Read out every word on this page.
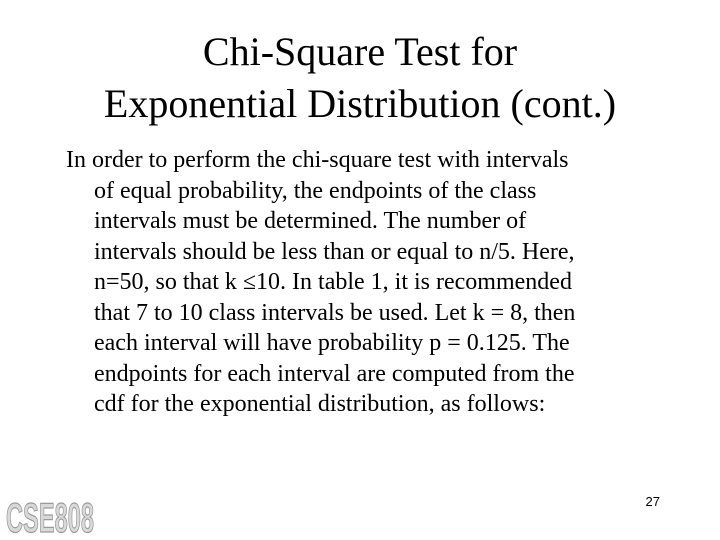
Chi-Square Test for
Exponential Distribution (cont.)
In order to perform the chi-square test with intervals
of equal probability, the endpoints of the class
intervals must be determined. The number of
intervals should be less than or equal to n/5. Here,
n=50, so that k ≤10. In table 1, it is recommended
that 7 to 10 class intervals be used. Let k = 8, then
each interval will have probability p = 0.125. The
endpoints for each interval are computed from the
cdf for the exponential distribution, as follows:
CSE808	27
